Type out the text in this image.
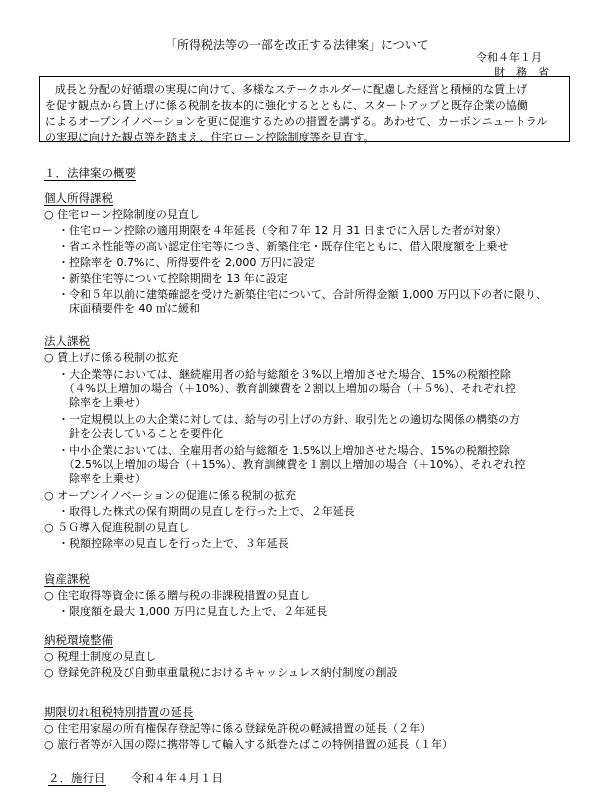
「所得税法等の一部を改正する法律案」について
令和４年１月
財　務　省
成長と分配の好循環の実現に向けて、多様なステークホルダーに配慮した経営と積極的な賃上げ
を促す観点から賃上げに係る税制を抜本的に強化するとともに、スタートアップと既存企業の協働
によるオープンイノベーションを更に促進するための措置を講ずる。あわせて、カーボンニュートラル
の実現に向けた観点等を踏まえ、住宅ローン控除制度等を見直す。
１．法律案の概要
個人所得課税
○ 住宅ローン控除制度の見直し
・住宅ローン控除の適用期限を４年延長（令和７年 12 月 31 日までに入居した者が対象）
・省エネ性能等の高い認定住宅等につき、新築住宅・既存住宅ともに、借入限度額を上乗せ
・控除率を 0.7%に、所得要件を 2,000 万円に設定
・新築住宅等について控除期間を 13 年に設定
・令和５年以前に建築確認を受けた新築住宅について、合計所得金額 1,000 万円以下の者に限り、
　床面積要件を 40 ㎡に緩和
法人課税
○ 賃上げに係る税制の拡充
・大企業等においては、継続雇用者の給与総額を３%以上増加させた場合、15%の税額控除
　（４%以上増加の場合（＋10%）、教育訓練費を２割以上増加の場合（＋５%）、それぞれ控
　除率を上乗せ）
・一定規模以上の大企業に対しては、給与の引上げの方針、取引先との適切な関係の構築の方
　針を公表していることを要件化
・中小企業においては、全雇用者の給与総額を 1.5%以上増加させた場合、15%の税額控除
　（2.5%以上増加の場合（＋15%）、教育訓練費を１割以上増加の場合（＋10%）、それぞれ控
　除率を上乗せ）
○ オープンイノベーションの促進に係る税制の拡充
・取得した株式の保有期間の見直しを行った上で、２年延長
○ ５Ｇ導入促進税制の見直し
・税額控除率の見直しを行った上で、３年延長
資産課税
○ 住宅取得等資金に係る贈与税の非課税措置の見直し
・限度額を最大 1,000 万円に見直した上で、２年延長
納税環境整備
○ 税理士制度の見直し
○ 登録免許税及び自動車重量税におけるキャッシュレス納付制度の創設
期限切れ租税特別措置の延長
○ 住宅用家屋の所有権保存登記等に係る登録免許税の軽減措置の延長（２年）
○ 旅行者等が入国の際に携帯等して輸入する紙巻たばこの特例措置の延長（１年）
２．施行日 令和４年４月１日
